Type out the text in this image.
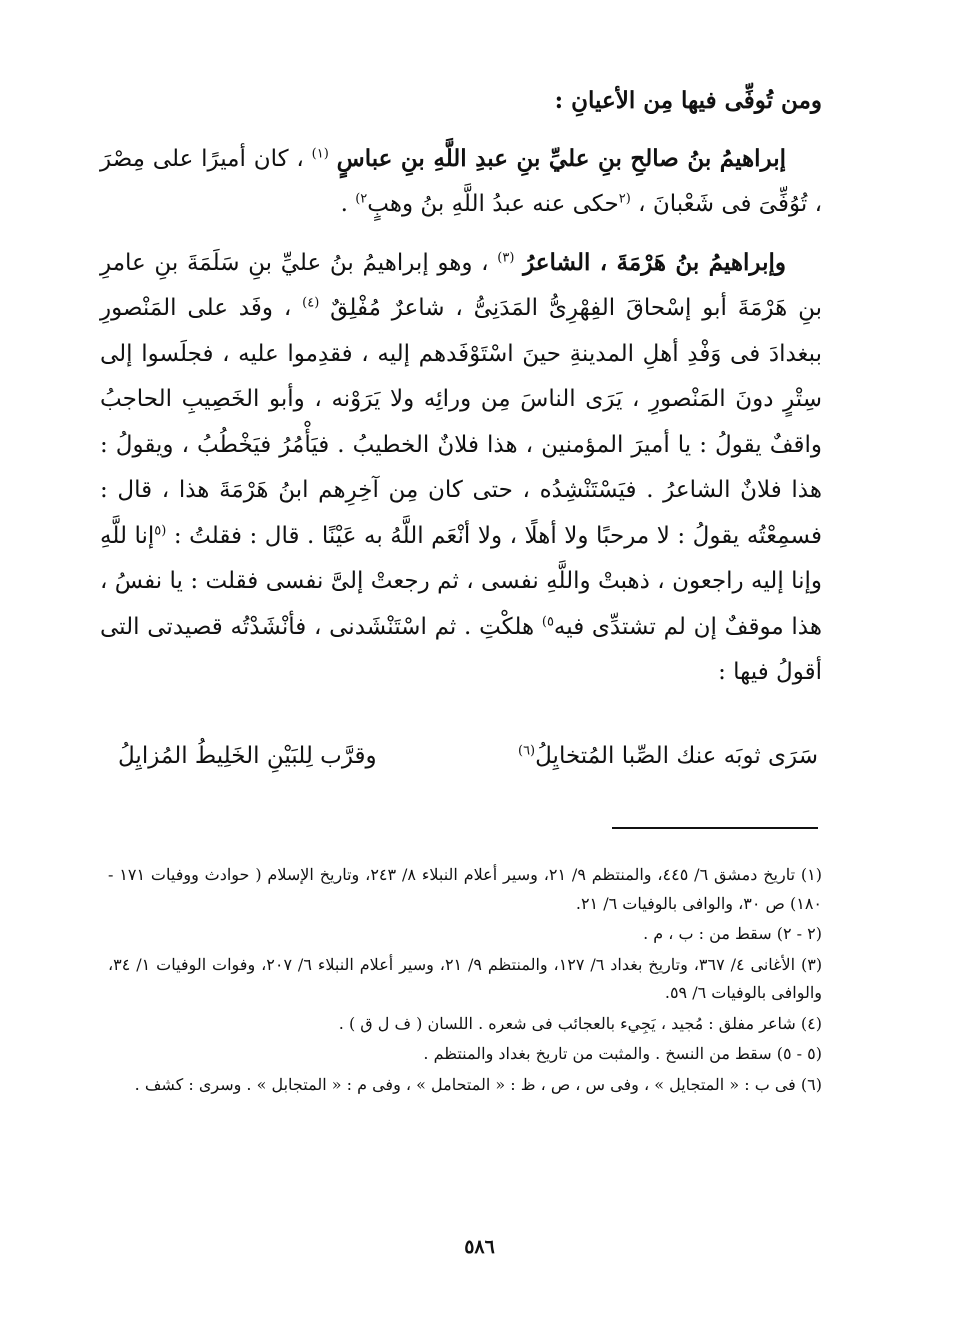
ومن تُوفِّى فيها مِن الأعيانِ :

إبراهيمُ بنُ صالحِ بنِ عليِّ بنِ عبدِ اللَّهِ بنِ عباسٍ $^{(١)}$ ، كان أميرًا على مِصْرَ ، تُوُفِّىَ فى شَعْبانَ ، $^{(٢}$حكى عنه عبدُ اللَّهِ بنُ وهبٍ$^{٢)}$ .

وإبراهيمُ بنُ هَرْمَةَ ، الشاعرُ $^{(٣)}$ ، وهو إبراهيمُ بنُ عليِّ بنِ سَلَمَةَ بنِ عامرِ بنِ هَرْمَةَ أبو إسْحاقَ الفِهْرِىُّ المَدَنِىُّ ، شاعرٌ مُفْلِقٌ $^{(٤)}$ ، وفَد على المَنْصورِ ببغدادَ فى وَفْدِ أهلِ المدينةِ حينَ اسْتَوْفَدهم إليه ، فقدِموا عليه ، فجلَسوا إلى سِتْرٍ دونَ المَنْصورِ ، يَرَى الناسَ مِن ورائِه ولا يَرَوْنه ، وأبو الخَصِيبِ الحاجبُ واقفٌ يقولُ : يا أميرَ المؤمنين ، هذا فلانٌ الخطيبُ . فيَأْمُرُ فيَخْطُبُ ، ويقولُ : هذا فلانٌ الشاعرُ . فيَسْتَنْشِدُه ، حتى كان مِن آخِرِهم ابنُ هَرْمَةَ هذا ، قال : فسمِعْتُه يقولُ : لا مرحبًا ولا أهلًا ، ولا أنْعَم اللَّهُ به عَيْنًا . قال : فقلتُ : $^{(٥}$إنا للَّهِ وإنا إليه راجعون ، ذهبتْ واللَّهِ نفسى ، ثم رجعتْ إلىَّ نفسى فقلت : يا نفسُ ، هذا موقفٌ إن لم تشتدِّى فيه$^{٥)}$ هلكْتِ . ثم اسْتَنْشَدنى ، فأنْشَدْتُه قصيدتى التى أقولُ فيها :

سَرَى ثوبَه عنك الصِّبا المُتخايِلُ$^{(٦)}$
وقرَّب لِلبَيْنِ الخَلِيطُ المُزايِلُ

(١) تاريخ دمشق ٦/ ٤٤٥، والمنتظم ٩/ ٢١، وسير أعلام النبلاء ٨/ ٢٤٣، وتاريخ الإسلام ( حوادث ووفيات ١٧١ - ١٨٠) ص ٣٠، والوافى بالوفيات ٦/ ٢١.

(٢ - ٢) سقط من : ب ، م .

(٣) الأغانى ٤/ ٣٦٧، وتاريخ بغداد ٦/ ١٢٧، والمنتظم ٩/ ٢١، وسير أعلام النبلاء ٦/ ٢٠٧، وفوات الوفيات ١/ ٣٤، والوافى بالوفيات ٦/ ٥٩.

(٤) شاعر مفلق : مُجيد ، يَجِيء بالعجائب فى شعره . اللسان ( ف ل ق ) .

(٥ - ٥) سقط من النسخ . والمثبت من تاريخ بغداد والمنتظم .

(٦) فى ب : « المتجايل » ، وفى س ، ص ، ظ : « المتحامل » ، وفى م : « المتجابل » . وسرى : كشف .

٥٨٦
